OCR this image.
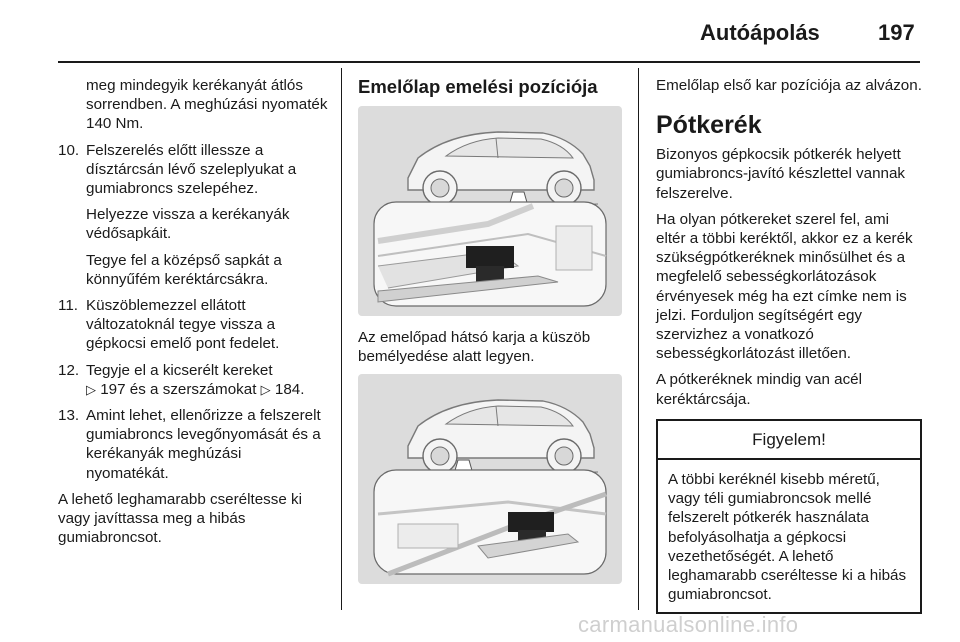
Autóápolás	197

meg mindegyik kerékanyát átlós sorrendben. A meghúzási nyomaték 140 Nm.

10. Felszerelés előtt illessze a dísztárcsán lévő szeleplyukat a gumiabroncs szelepéhez.

Helyezze vissza a kerékanyák védősapkáit.

Tegye fel a középső sapkát a könnyűfém keréktárcsákra.

11. Küszöblemezzel ellátott változatoknál tegye vissza a gépkocsi emelő pont fedelet.

12. Tegyje el a kicserélt kereket
▷ 197 és a szerszámokat ▷ 184.

13. Amint lehet, ellenőrizze a felszerelt gumiabroncs levegőnyomását és a kerékanyák meghúzási nyomatékát.

A lehető leghamarabb cseréltesse ki vagy javíttassa meg a hibás gumiabroncsot.

Emelőlap emelési pozíciója

Az emelőpad hátsó karja a küszöb bemélyedése alatt legyen.

Emelőlap első kar pozíciója az alvázon.

Pótkerék

Bizonyos gépkocsik pótkerék helyett gumiabroncs-javító készlettel vannak felszerelve.

Ha olyan pótkereket szerel fel, ami eltér a többi keréktől, akkor ez a kerék szükségpótkeréknek minősülhet és a megfelelő sebességkorlátozások érvényesek még ha ezt címke nem is jelzi. Forduljon segítségért egy szervizhez a vonatkozó sebességkorlátozást illetően.

A pótkeréknek mindig van acél keréktárcsája.

Figyelem!
A többi keréknél kisebb méretű, vagy téli gumiabroncsok mellé felszerelt pótkerék használata befolyásolhatja a gépkocsi vezethetőségét. A lehető leghamarabb cseréltesse ki a hibás gumiabroncsot.
carmanualsonline.info
